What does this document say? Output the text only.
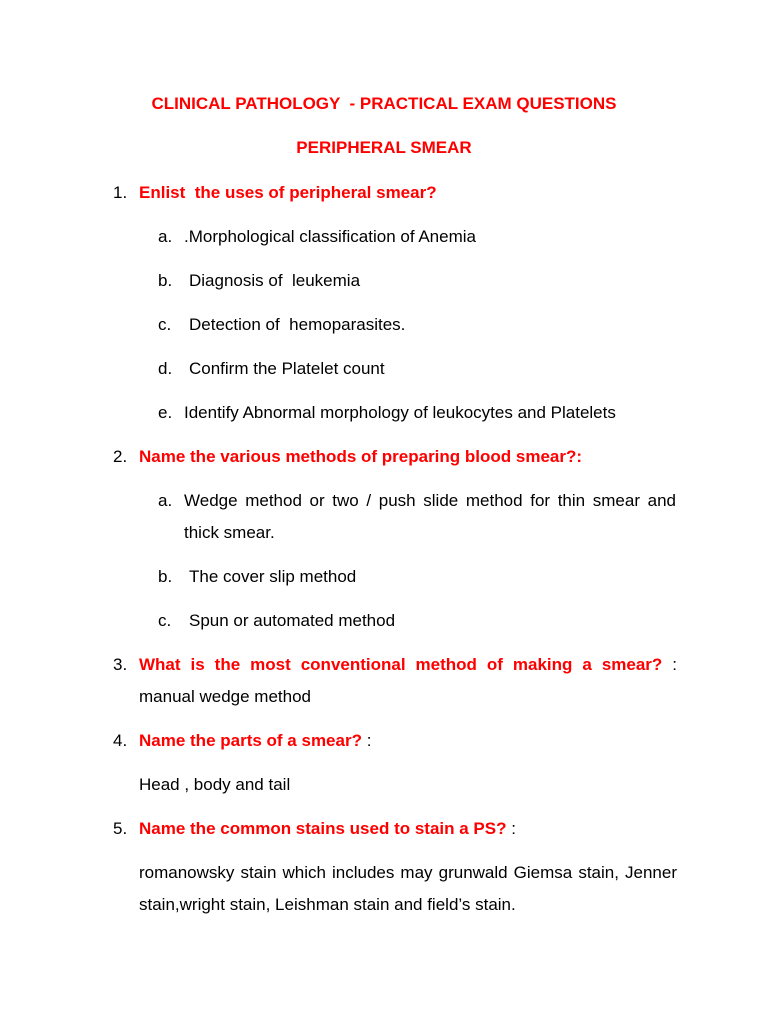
CLINICAL PATHOLOGY  - PRACTICAL EXAM QUESTIONS
PERIPHERAL SMEAR
1. Enlist  the uses of peripheral smear?
a. .Morphological classification of Anemia
b. Diagnosis of  leukemia
c. Detection of  hemoparasites.
d. Confirm the Platelet count
e. Identify Abnormal morphology of leukocytes and Platelets
2. Name the various methods of preparing blood smear?:
a. Wedge method or two / push slide method for thin smear and thick smear.
b. The cover slip method
c. Spun or automated method
3. What is the most conventional method of making a smear? :
manual wedge method
4. Name the parts of a smear? :
Head , body and tail
5. Name the common stains used to stain a PS? :
romanowsky stain which includes may grunwald Giemsa stain, Jenner stain,wright stain, Leishman stain and field’s stain.
